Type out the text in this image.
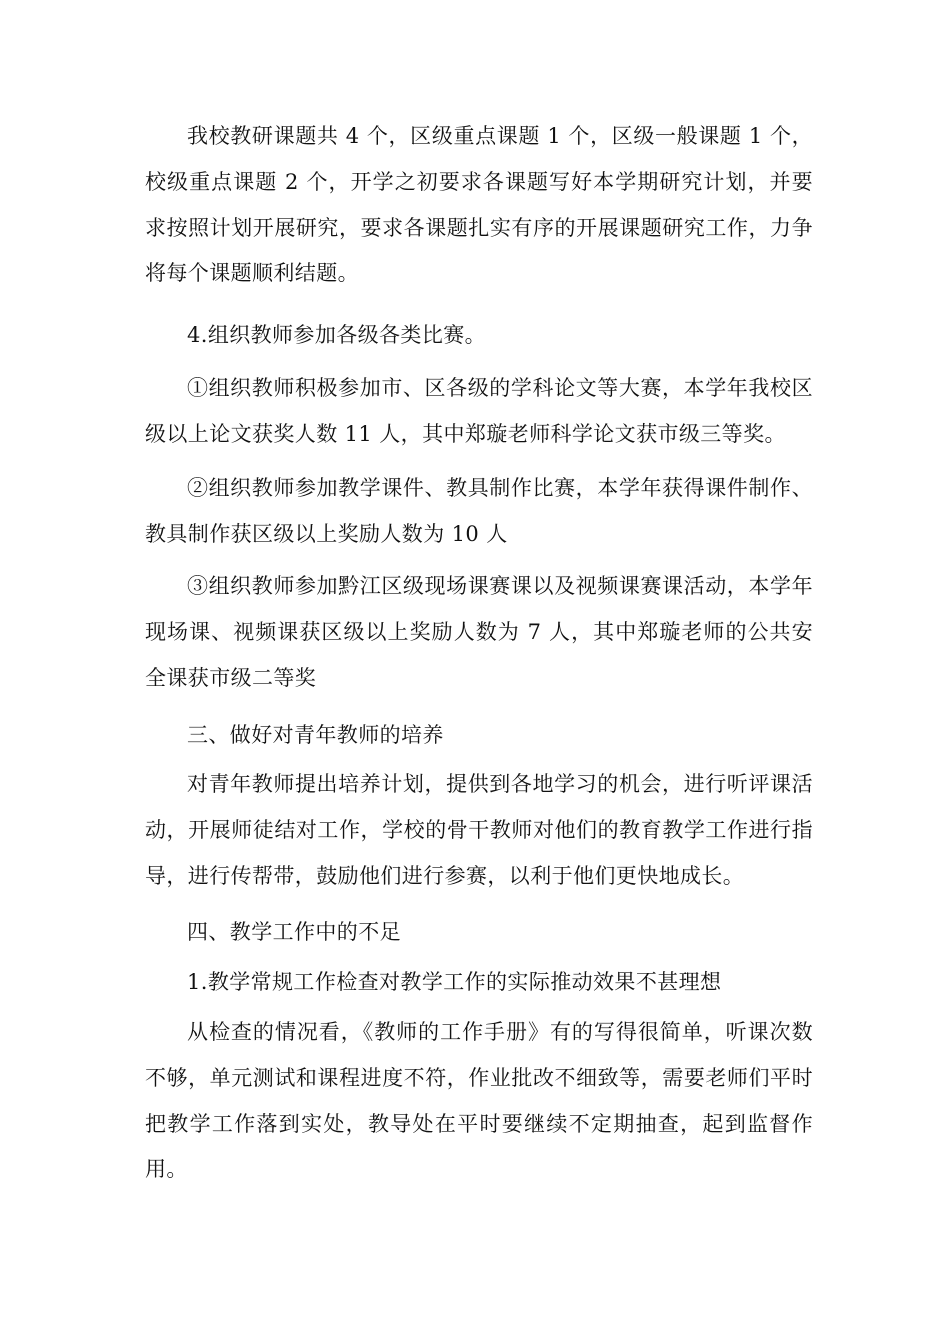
我校教研课题共 4 个，区级重点课题 1 个，区级一般课题 1 个，校级重点课题 2 个，开学之初要求各课题写好本学期研究计划，并要求按照计划开展研究，要求各课题扎实有序的开展课题研究工作，力争将每个课题顺利结题。

4.组织教师参加各级各类比赛。

①组织教师积极参加市、区各级的学科论文等大赛，本学年我校区级以上论文获奖人数 11 人，其中郑璇老师科学论文获市级三等奖。

②组织教师参加教学课件、教具制作比赛，本学年获得课件制作、教具制作获区级以上奖励人数为 10 人

③组织教师参加黔江区级现场课赛课以及视频课赛课活动，本学年现场课、视频课获区级以上奖励人数为 7 人，其中郑璇老师的公共安全课获市级二等奖

三、做好对青年教师的培养

对青年教师提出培养计划，提供到各地学习的机会，进行听评课活动，开展师徒结对工作，学校的骨干教师对他们的教育教学工作进行指导，进行传帮带，鼓励他们进行参赛，以利于他们更快地成长。

四、教学工作中的不足

1.教学常规工作检查对教学工作的实际推动效果不甚理想

从检查的情况看，《教师的工作手册》有的写得很简单，听课次数不够，单元测试和课程进度不符，作业批改不细致等，需要老师们平时把教学工作落到实处，教导处在平时要继续不定期抽查，起到监督作用。
